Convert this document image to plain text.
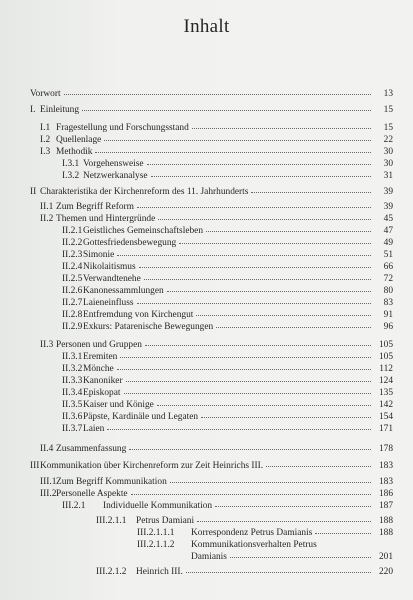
Inhalt
Vorwort	13
I. Einleitung	15
I.1 Fragestellung und Forschungsstand	15
I.2 Quellenlage	22
I.3 Methodik	30
I.3.1 Vorgehensweise	30
I.3.2 Netzwerkanalyse	31
II Charakteristika der Kirchenreform des 11. Jahrhunderts	39
II.1 Zum Begriff Reform	39
II.2 Themen und Hintergründe	45
II.2.1 Geistliches Gemeinschaftsleben	47
II.2.2 Gottesfriedensbewegung	49
II.2.3 Simonie	51
II.2.4 Nikolaitismus	66
II.2.5 Verwandtenehe	72
II.2.6 Kanonessammlungen	80
II.2.7 Laieneinfluss	83
II.2.8 Entfremdung von Kirchengut	91
II.2.9 Exkurs: Patarenische Bewegungen	96
II.3 Personen und Gruppen	105
II.3.1 Eremiten	105
II.3.2 Mönche	112
II.3.3 Kanoniker	124
II.3.4 Episkopat	135
II.3.5 Kaiser und Könige	142
II.3.6 Päpste, Kardinäle und Legaten	154
II.3.7 Laien	171
II.4 Zusammenfassung	178
III Kommunikation über Kirchenreform zur Zeit Heinrichs III.	183
III.1 Zum Begriff Kommunikation	183
III.2 Personelle Aspekte	186
III.2.1 Individuelle Kommunikation	187
III.2.1.1 Petrus Damiani	188
III.2.1.1.1 Korrespondenz Petrus Damianis	188
III.2.1.1.2 Kommunikationsverhalten Petrus
Damianis	201
III.2.1.2 Heinrich III.	220
